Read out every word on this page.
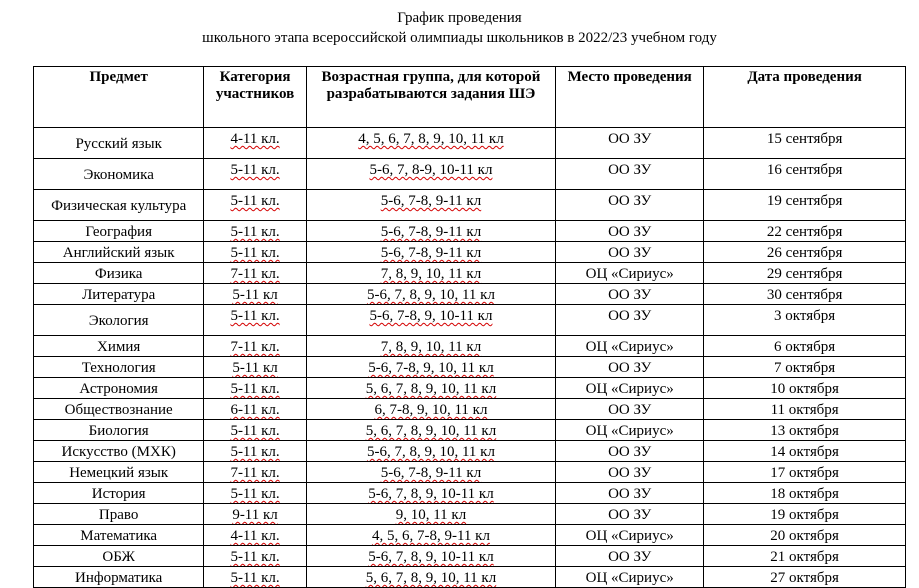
График проведения
школьного этапа всероссийской олимпиады школьников в 2022/23 учебном году
Предмет	Категория участников	Возрастная группа, для которой разрабатываются задания ШЭ	Место проведения	Дата проведения
Русский язык	4-11 кл.	4, 5, 6, 7, 8, 9, 10, 11 кл	ОО ЗУ	15 сентября
Экономика	5-11 кл.	5-6, 7, 8-9, 10-11 кл	ОО ЗУ	16 сентября
Физическая культура	5-11 кл.	5-6, 7-8, 9-11 кл	ОО ЗУ	19 сентября
География	5-11 кл.	5-6, 7-8, 9-11 кл	ОО ЗУ	22 сентября
Английский язык	5-11 кл.	5-6, 7-8, 9-11 кл	ОО ЗУ	26 сентября
Физика	7-11 кл.	7, 8, 9, 10, 11 кл	ОЦ «Сириус»	29 сентября
Литература	5-11 кл	5-6, 7, 8, 9, 10, 11 кл	ОО ЗУ	30 сентября
Экология	5-11 кл.	5-6, 7-8, 9, 10-11 кл	ОО ЗУ	3 октября
Химия	7-11 кл.	7, 8, 9, 10, 11 кл	ОЦ «Сириус»	6 октября
Технология	5-11 кл	5-6, 7-8, 9, 10, 11 кл	ОО ЗУ	7 октября
Астрономия	5-11 кл.	5, 6, 7, 8, 9, 10, 11 кл	ОЦ «Сириус»	10 октября
Обществознание	6-11 кл.	6, 7-8, 9, 10, 11 кл	ОО ЗУ	11 октября
Биология	5-11 кл.	5, 6, 7, 8, 9, 10, 11 кл	ОЦ «Сириус»	13 октября
Искусство (МХК)	5-11 кл.	5-6, 7, 8, 9, 10, 11 кл	ОО ЗУ	14 октября
Немецкий язык	7-11 кл.	5-6, 7-8, 9-11 кл	ОО ЗУ	17 октября
История	5-11 кл.	5-6, 7, 8, 9, 10-11 кл	ОО ЗУ	18 октября
Право	9-11 кл	9, 10, 11 кл	ОО ЗУ	19 октября
Математика	4-11 кл.	4, 5, 6, 7-8, 9-11 кл	ОЦ «Сириус»	20 октября
ОБЖ	5-11 кл.	5-6, 7, 8, 9, 10-11 кл	ОО ЗУ	21 октября
Информатика	5-11 кл.	5, 6, 7, 8, 9, 10, 11 кл	ОЦ «Сириус»	27 октября
